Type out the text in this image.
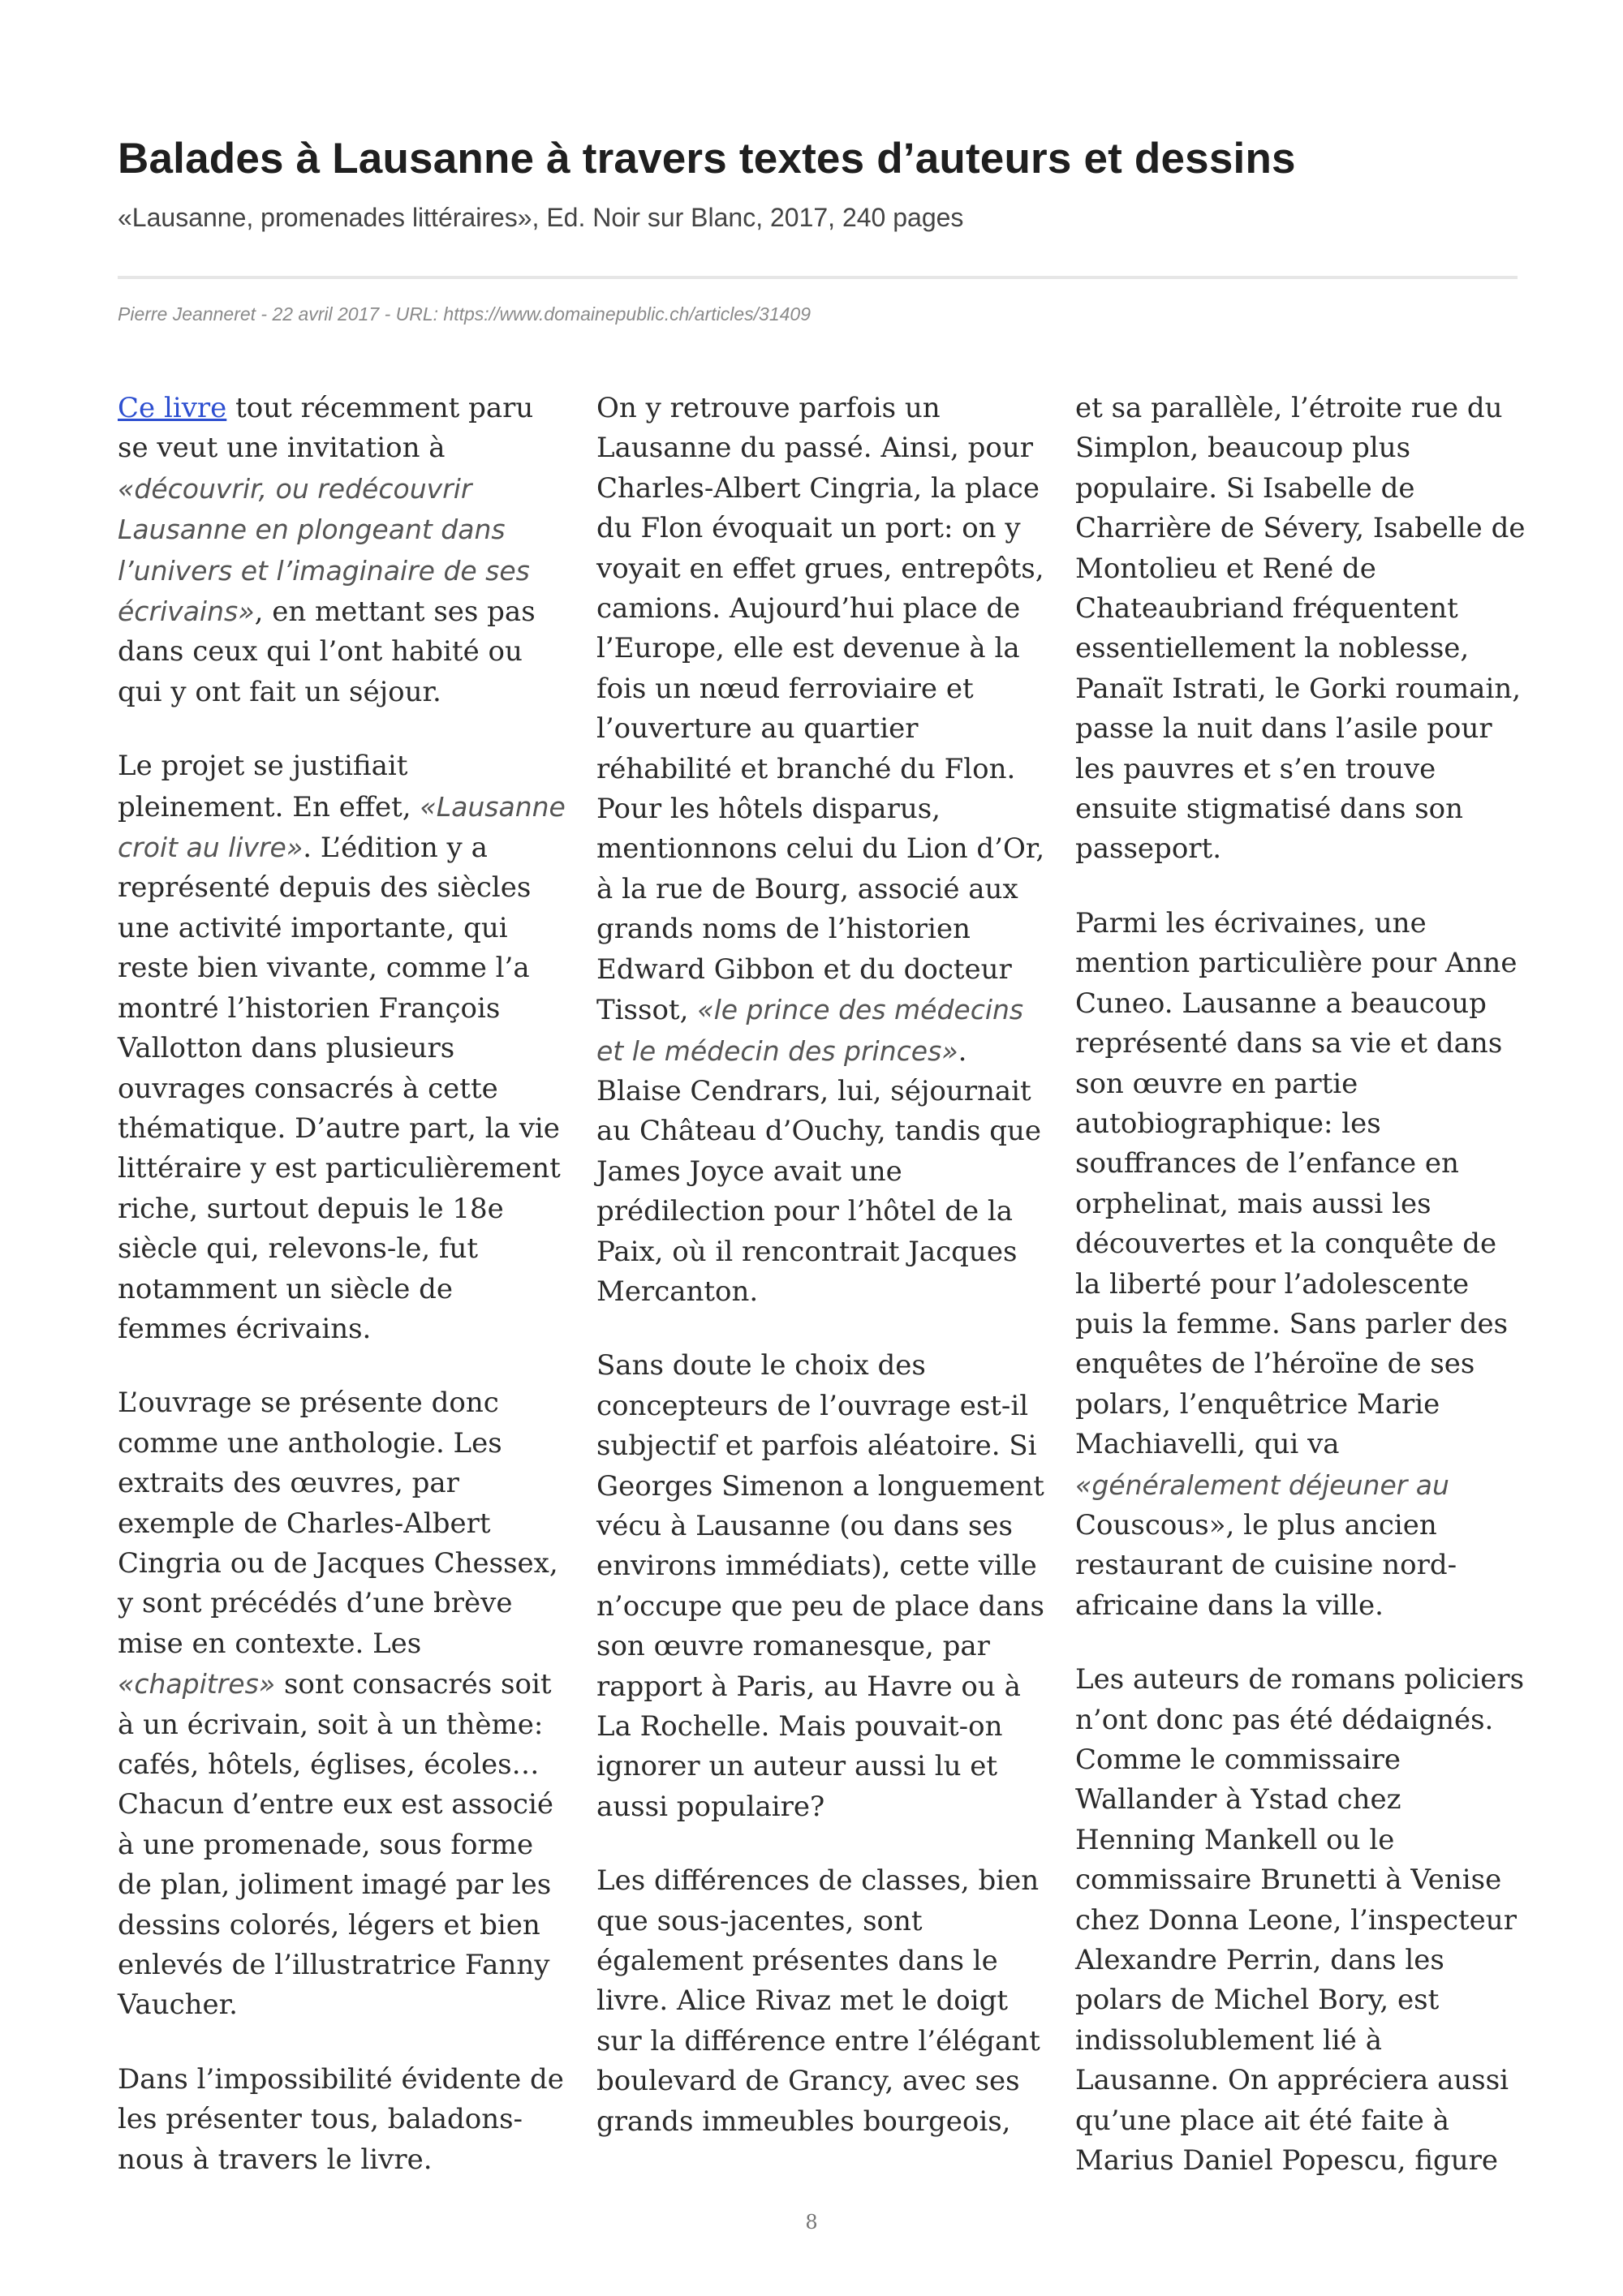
Balades à Lausanne à travers textes d’auteurs et dessins
«Lausanne, promenades littéraires», Ed. Noir sur Blanc, 2017, 240 pages
Pierre Jeanneret - 22 avril 2017 - URL: https://www.domainepublic.ch/articles/31409

Ce livre tout récemment paru se veut une invitation à «découvrir, ou redécouvrir Lausanne en plongeant dans l’univers et l’imaginaire de ses écrivains», en mettant ses pas dans ceux qui l’ont habité ou qui y ont fait un séjour.

Le projet se justifiait pleinement. En effet, «Lausanne croit au livre». L’édition y a représenté depuis des siècles une activité importante, qui reste bien vivante, comme l’a montré l’historien François Vallotton dans plusieurs ouvrages consacrés à cette thématique. D’autre part, la vie littéraire y est particulièrement riche, surtout depuis le 18e siècle qui, relevons-le, fut notamment un siècle de femmes écrivains.

L’ouvrage se présente donc comme une anthologie. Les extraits des œuvres, par exemple de Charles-Albert Cingria ou de Jacques Chessex, y sont précédés d’une brève mise en contexte. Les «chapitres» sont consacrés soit à un écrivain, soit à un thème: cafés, hôtels, églises, écoles… Chacun d’entre eux est associé à une promenade, sous forme de plan, joliment imagé par les dessins colorés, légers et bien enlevés de l’illustratrice Fanny Vaucher.

Dans l’impossibilité évidente de les présenter tous, baladons-nous à travers le livre.

On y retrouve parfois un Lausanne du passé. Ainsi, pour Charles-Albert Cingria, la place du Flon évoquait un port: on y voyait en effet grues, entrepôts, camions. Aujourd’hui place de l’Europe, elle est devenue à la fois un nœud ferroviaire et l’ouverture au quartier réhabilité et branché du Flon. Pour les hôtels disparus, mentionnons celui du Lion d’Or, à la rue de Bourg, associé aux grands noms de l’historien Edward Gibbon et du docteur Tissot, «le prince des médecins et le médecin des princes». Blaise Cendrars, lui, séjournait au Château d’Ouchy, tandis que James Joyce avait une prédilection pour l’hôtel de la Paix, où il rencontrait Jacques Mercanton.

Sans doute le choix des concepteurs de l’ouvrage est-il subjectif et parfois aléatoire. Si Georges Simenon a longuement vécu à Lausanne (ou dans ses environs immédiats), cette ville n’occupe que peu de place dans son œuvre romanesque, par rapport à Paris, au Havre ou à La Rochelle. Mais pouvait-on ignorer un auteur aussi lu et aussi populaire?

Les différences de classes, bien que sous-jacentes, sont également présentes dans le livre. Alice Rivaz met le doigt sur la différence entre l’élégant boulevard de Grancy, avec ses grands immeubles bourgeois,

et sa parallèle, l’étroite rue du Simplon, beaucoup plus populaire. Si Isabelle de Charrière de Sévery, Isabelle de Montolieu et René de Chateaubriand fréquentent essentiellement la noblesse, Panaït Istrati, le Gorki roumain, passe la nuit dans l’asile pour les pauvres et s’en trouve ensuite stigmatisé dans son passeport.

Parmi les écrivaines, une mention particulière pour Anne Cuneo. Lausanne a beaucoup représenté dans sa vie et dans son œuvre en partie autobiographique: les souffrances de l’enfance en orphelinat, mais aussi les découvertes et la conquête de la liberté pour l’adolescente puis la femme. Sans parler des enquêtes de l’héroïne de ses polars, l’enquêtrice Marie Machiavelli, qui va «généralement déjeuner au Couscous», le plus ancien restaurant de cuisine nord-africaine dans la ville.

Les auteurs de romans policiers n’ont donc pas été dédaignés. Comme le commissaire Wallander à Ystad chez Henning Mankell ou le commissaire Brunetti à Venise chez Donna Leone, l’inspecteur Alexandre Perrin, dans les polars de Michel Bory, est indissolublement lié à Lausanne. On appréciera aussi qu’une place ait été faite à Marius Daniel Popescu, figure

8
